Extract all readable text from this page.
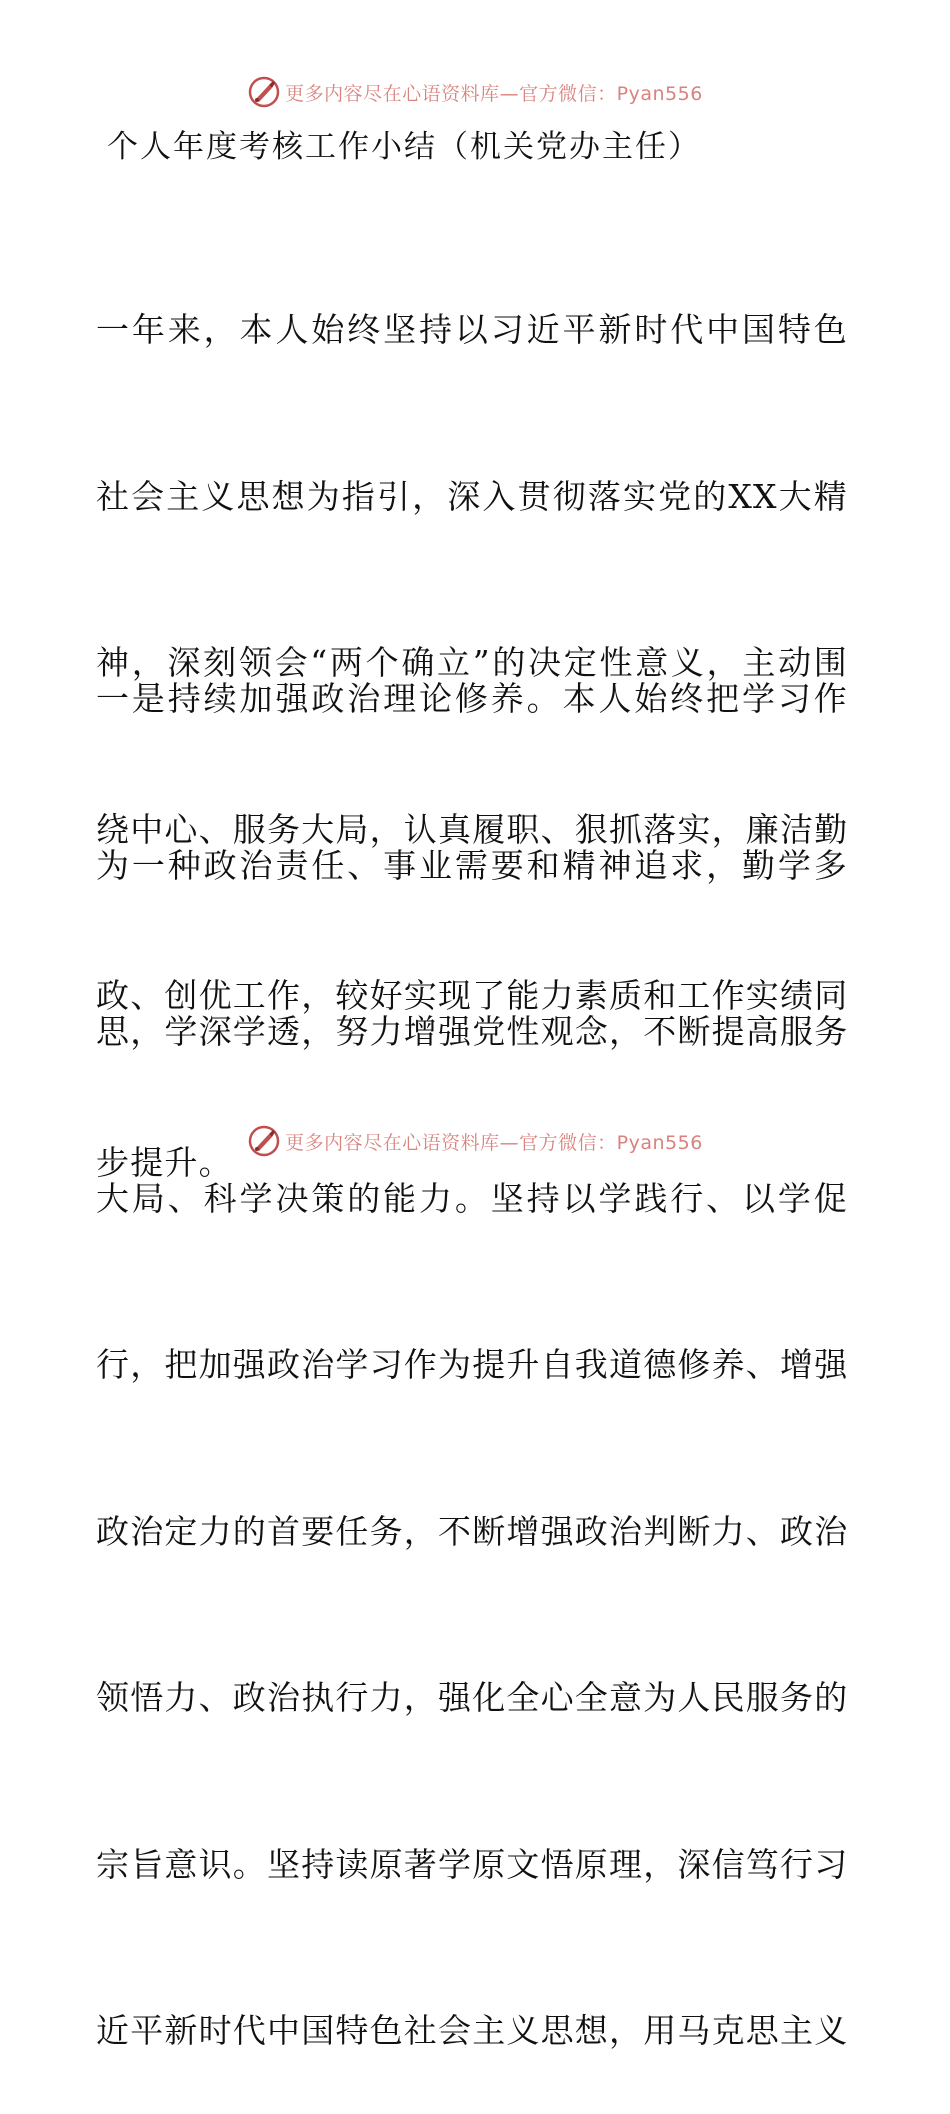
更多内容尽在心语资料库—官方微信：Pyan556
个人年度考核工作小结（机关党办主任）

一年来，本人始终坚持以习近平新时代中国特色

社会主义思想为指引，深入贯彻落实党的XX大精

神，深刻领会“两个确立”的决定性意义，主动围

绕中心、服务大局，认真履职、狠抓落实，廉洁勤

政、创优工作，较好实现了能力素质和工作实绩同

步提升。

一是持续加强政治理论修养。本人始终把学习作

为一种政治责任、事业需要和精神追求，勤学多

思，学深学透，努力增强党性观念，不断提高服务

大局、科学决策的能力。坚持以学践行、以学促

行，把加强政治学习作为提升自我道德修养、增强

政治定力的首要任务，不断增强政治判断力、政治

领悟力、政治执行力，强化全心全意为人民服务的

宗旨意识。坚持读原著学原文悟原理，深信笃行习

近平新时代中国特色社会主义思想，用马克思主义

更多内容尽在心语资料库—官方微信：Pyan556
